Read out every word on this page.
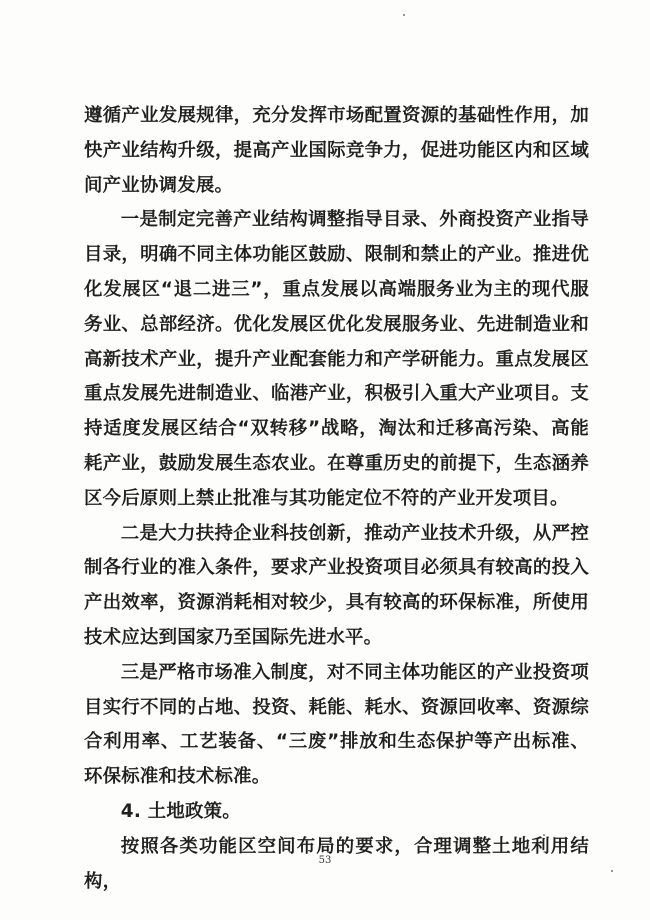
遵循产业发展规律，充分发挥市场配置资源的基础性作用，加快产业结构升级，提高产业国际竞争力，促进功能区内和区域间产业协调发展。

一是制定完善产业结构调整指导目录、外商投资产业指导目录，明确不同主体功能区鼓励、限制和禁止的产业。推进优化发展区“退二进三”，重点发展以高端服务业为主的现代服务业、总部经济。优化发展区优化发展服务业、先进制造业和高新技术产业，提升产业配套能力和产学研能力。重点发展区重点发展先进制造业、临港产业，积极引入重大产业项目。支持适度发展区结合“双转移”战略，淘汰和迁移高污染、高能耗产业，鼓励发展生态农业。在尊重历史的前提下，生态涵养区今后原则上禁止批准与其功能定位不符的产业开发项目。

二是大力扶持企业科技创新，推动产业技术升级，从严控制各行业的准入条件，要求产业投资项目必须具有较高的投入产出效率，资源消耗相对较少，具有较高的环保标准，所使用技术应达到国家乃至国际先进水平。

三是严格市场准入制度，对不同主体功能区的产业投资项目实行不同的占地、投资、耗能、耗水、资源回收率、资源综合利用率、工艺装备、“三废”排放和生态保护等产出标准、环保标准和技术标准。

4. 土地政策。

按照各类功能区空间布局的要求，合理调整土地利用结构，

53
